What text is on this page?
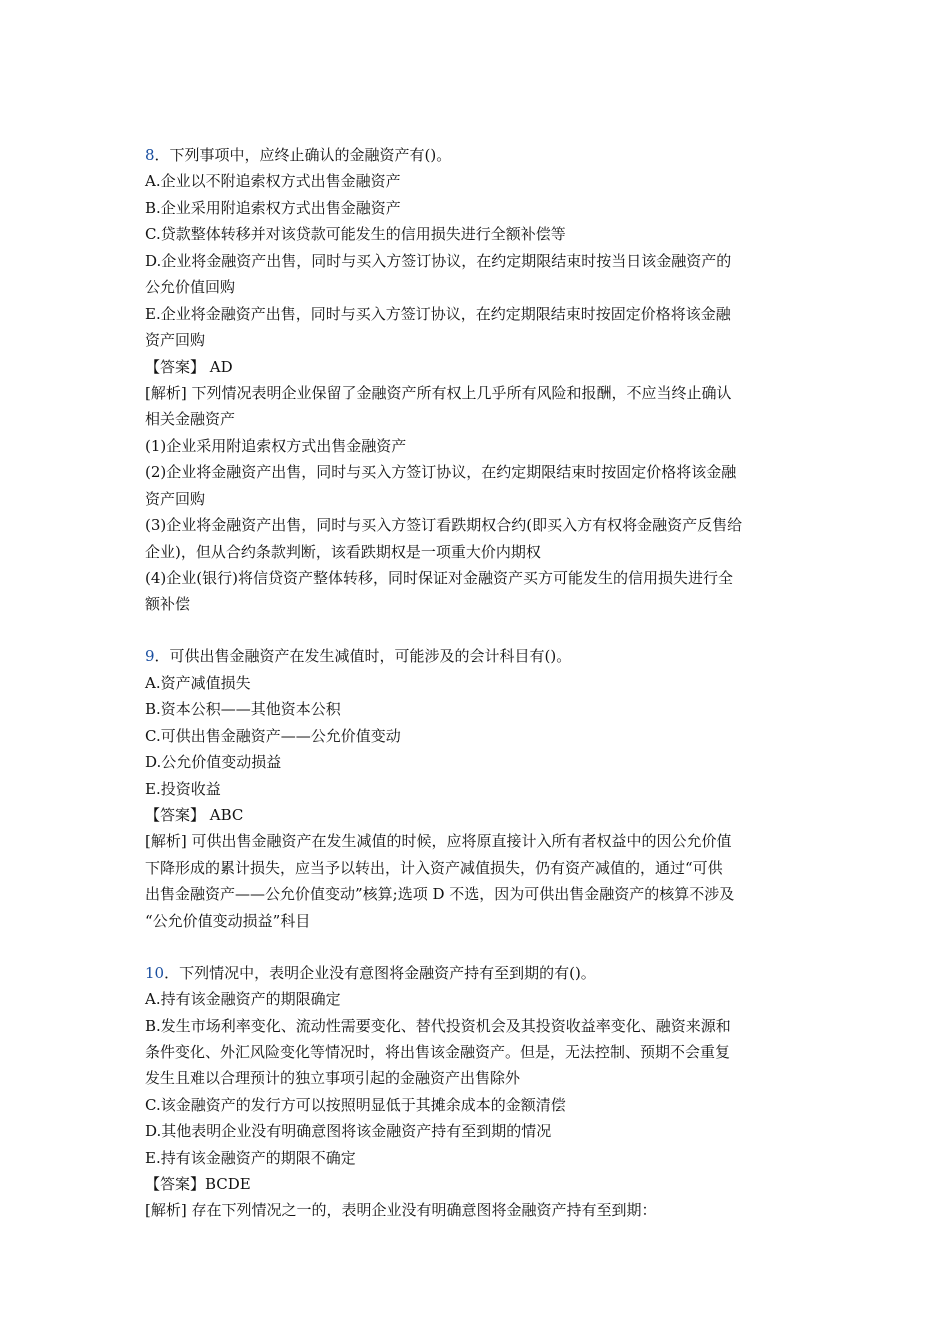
8．下列事项中，应终止确认的金融资产有()。
A.企业以不附追索权方式出售金融资产
B.企业采用附追索权方式出售金融资产
C.贷款整体转移并对该贷款可能发生的信用损失进行全额补偿等
D.企业将金融资产出售，同时与买入方签订协议，在约定期限结束时按当日该金融资产的
公允价值回购
E.企业将金融资产出售，同时与买入方签订协议，在约定期限结束时按固定价格将该金融
资产回购
【答案】 AD
[解析] 下列情况表明企业保留了金融资产所有权上几乎所有风险和报酬，不应当终止确认
相关金融资产
(1)企业采用附追索权方式出售金融资产
(2)企业将金融资产出售，同时与买入方签订协议，在约定期限结束时按固定价格将该金融
资产回购
(3)企业将金融资产出售，同时与买入方签订看跌期权合约(即买入方有权将金融资产反售给
企业)，但从合约条款判断，该看跌期权是一项重大价内期权
(4)企业(银行)将信贷资产整体转移，同时保证对金融资产买方可能发生的信用损失进行全
额补偿
9．可供出售金融资产在发生减值时，可能涉及的会计科目有()。
A.资产减值损失
B.资本公积——其他资本公积
C.可供出售金融资产——公允价值变动
D.公允价值变动损益
E.投资收益
【答案】 ABC
[解析] 可供出售金融资产在发生减值的时候，应将原直接计入所有者权益中的因公允价值
下降形成的累计损失，应当予以转出，计入资产减值损失，仍有资产减值的，通过“可供
出售金融资产——公允价值变动”核算;选项 D 不选，因为可供出售金融资产的核算不涉及
“公允价值变动损益”科目
10．下列情况中，表明企业没有意图将金融资产持有至到期的有()。
A.持有该金融资产的期限确定
B.发生市场利率变化、流动性需要变化、替代投资机会及其投资收益率变化、融资来源和
条件变化、外汇风险变化等情况时，将出售该金融资产。但是，无法控制、预期不会重复
发生且难以合理预计的独立事项引起的金融资产出售除外
C.该金融资产的发行方可以按照明显低于其摊余成本的金额清偿
D.其他表明企业没有明确意图将该金融资产持有至到期的情况
E.持有该金融资产的期限不确定
【答案】BCDE
[解析] 存在下列情况之一的，表明企业没有明确意图将金融资产持有至到期：
